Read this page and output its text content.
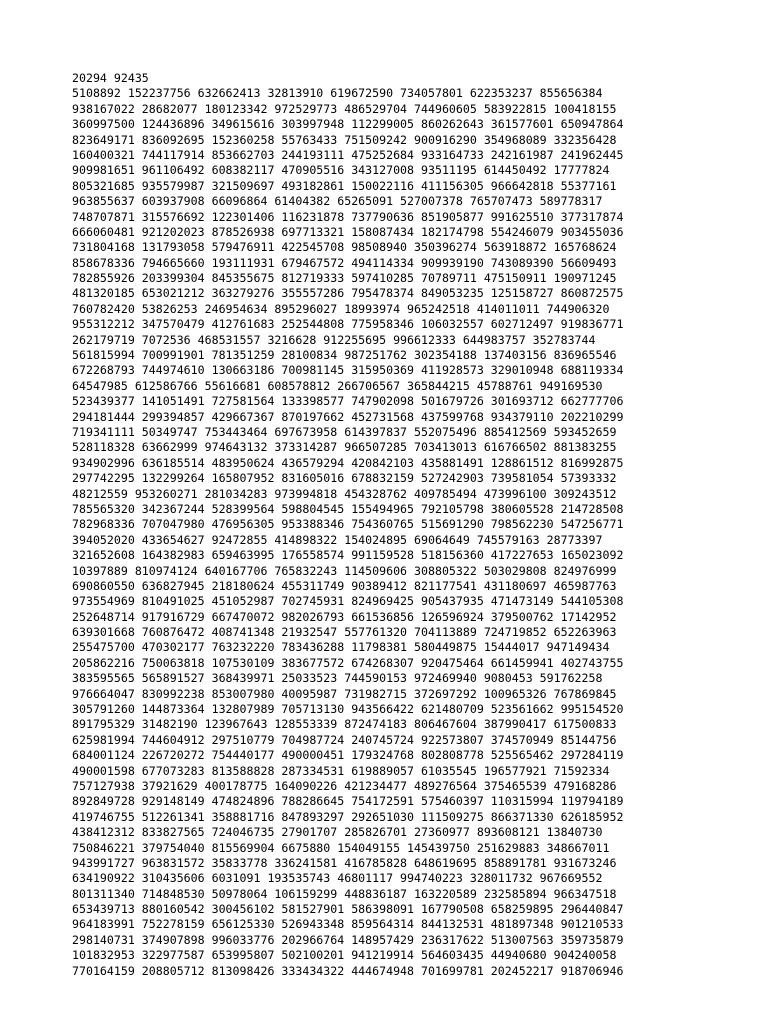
20294 92435
5108892 152237756 632662413 32813910 619672590 734057801 622353237 855656384
938167022 28682077 180123342 972529773 486529704 744960605 583922815 100418155
360997500 124436896 349615616 303997948 112299005 860262643 361577601 650947864
823649171 836092695 152360258 55763433 751509242 900916290 354968089 332356428
160400321 744117914 853662703 244193111 475252684 933164733 242161987 241962445
909981651 961106492 608382117 470905516 343127008 93511195 614450492 17777824
805321685 935579987 321509697 493182861 150022116 411156305 966642818 55377161
963855637 603937908 66096864 61404382 65265091 527007378 765707473 589778317
748707871 315576692 122301406 116231878 737790636 851905877 991625510 377317874
666060481 921202023 878526938 697713321 158087434 182174798 554246079 903455036
731804168 131793058 579476911 422545708 98508940 350396274 563918872 165768624
858678336 794665660 193111931 679467572 494114334 909939190 743089390 56609493
782855926 203399304 845355675 812719333 597410285 70789711 475150911 190971245
481320185 653021212 363279276 355557286 795478374 849053235 125158727 860872575
760782420 53826253 246954634 895296027 18993974 965242518 414011011 744906320
955312212 347570479 412761683 252544808 775958346 106032557 602712497 919836771
262179719 7072536 468531557 3216628 912255695 996612333 644983757 352783744
561815994 700991901 781351259 28100834 987251762 302354188 137403156 836965546
672268793 744974610 130663186 700981145 315950369 411928573 329010948 688119334
64547985 612586766 55616681 608578812 266706567 365844215 45788761 949169530
523439377 141051491 727581564 133398577 747902098 501679726 301693712 662777706
294181444 299394857 429667367 870197662 452731568 437599768 934379110 202210299
719341111 50349747 753443464 697673958 614397837 552075496 885412569 593452659
528118328 63662999 974643132 373314287 966507285 703413013 616766502 881383255
934902996 636185514 483950624 436579294 420842103 435881491 128861512 816992875
297742295 132299264 165807952 831605016 678832159 527242903 739581054 57393332
48212559 953260271 281034283 973994818 454328762 409785494 473996100 309243512
785565320 342367244 528399564 598804545 155494965 792105798 380605528 214728508
782968336 707047980 476956305 953388346 754360765 515691290 798562230 547256771
394052020 433654627 92472855 414898322 154024895 69064649 745579163 28773397
321652608 164382983 659463995 176558574 991159528 518156360 417227653 165023092
10397889 810974124 640167706 765832243 114509606 308805322 503029808 824976999
690860550 636827945 218180624 455311749 90389412 821177541 431180697 465987763
973554969 810491025 451052987 702745931 824969425 905437935 471473149 544105308
252648714 917916729 667470072 982026793 661536856 126596924 379500762 17142952
639301668 760876472 408741348 21932547 557761320 704113889 724719852 652263963
255475700 470302177 763232220 783436288 11798381 580449875 15444017 947149434
205862216 750063818 107530109 383677572 674268307 920475464 661459941 402743755
383595565 565891527 368439971 25033523 744590153 972469940 9080453 591762258
976664047 830992238 853007980 40095987 731982715 372697292 100965326 767869845
305791260 144873364 132807989 705713130 943566422 621480709 523561662 995154520
891795329 31482190 123967643 128553339 872474183 806467604 387990417 617500833
625981994 744604912 297510779 704987724 240745724 922573807 374570949 85144756
684001124 226720272 754440177 490000451 179324768 802808778 525565462 297284119
490001598 677073283 813588828 287334531 619889057 61035545 196577921 71592334
757127938 37921629 400178775 164090226 421234477 489276564 375465539 479168286
892849728 929148149 474824896 788286645 754172591 575460397 110315994 119794189
419746755 512261341 358881716 847893297 292651030 111509275 866371330 626185952
438412312 833827565 724046735 27901707 285826701 27360977 893608121 13840730
750846221 379754040 815569904 6675880 154049155 145439750 251629883 348667011
943991727 963831572 35833778 336241581 416785828 648619695 858891781 931673246
634190922 310435606 6031091 193535743 46801117 994740223 328011732 967669552
801311340 714848530 50978064 106159299 448836187 163220589 232585894 966347518
653439713 880160542 300456102 581527901 586398091 167790508 658259895 296440847
964183991 752278159 656125330 526943348 859564314 844132531 481897348 901210533
298140731 374907898 996033776 202966764 148957429 236317622 513007563 359735879
101832953 322977587 653995807 502100201 941219914 564603435 44940680 904240058
770164159 208805712 813098426 333434322 444674948 701699781 202452217 918706946
